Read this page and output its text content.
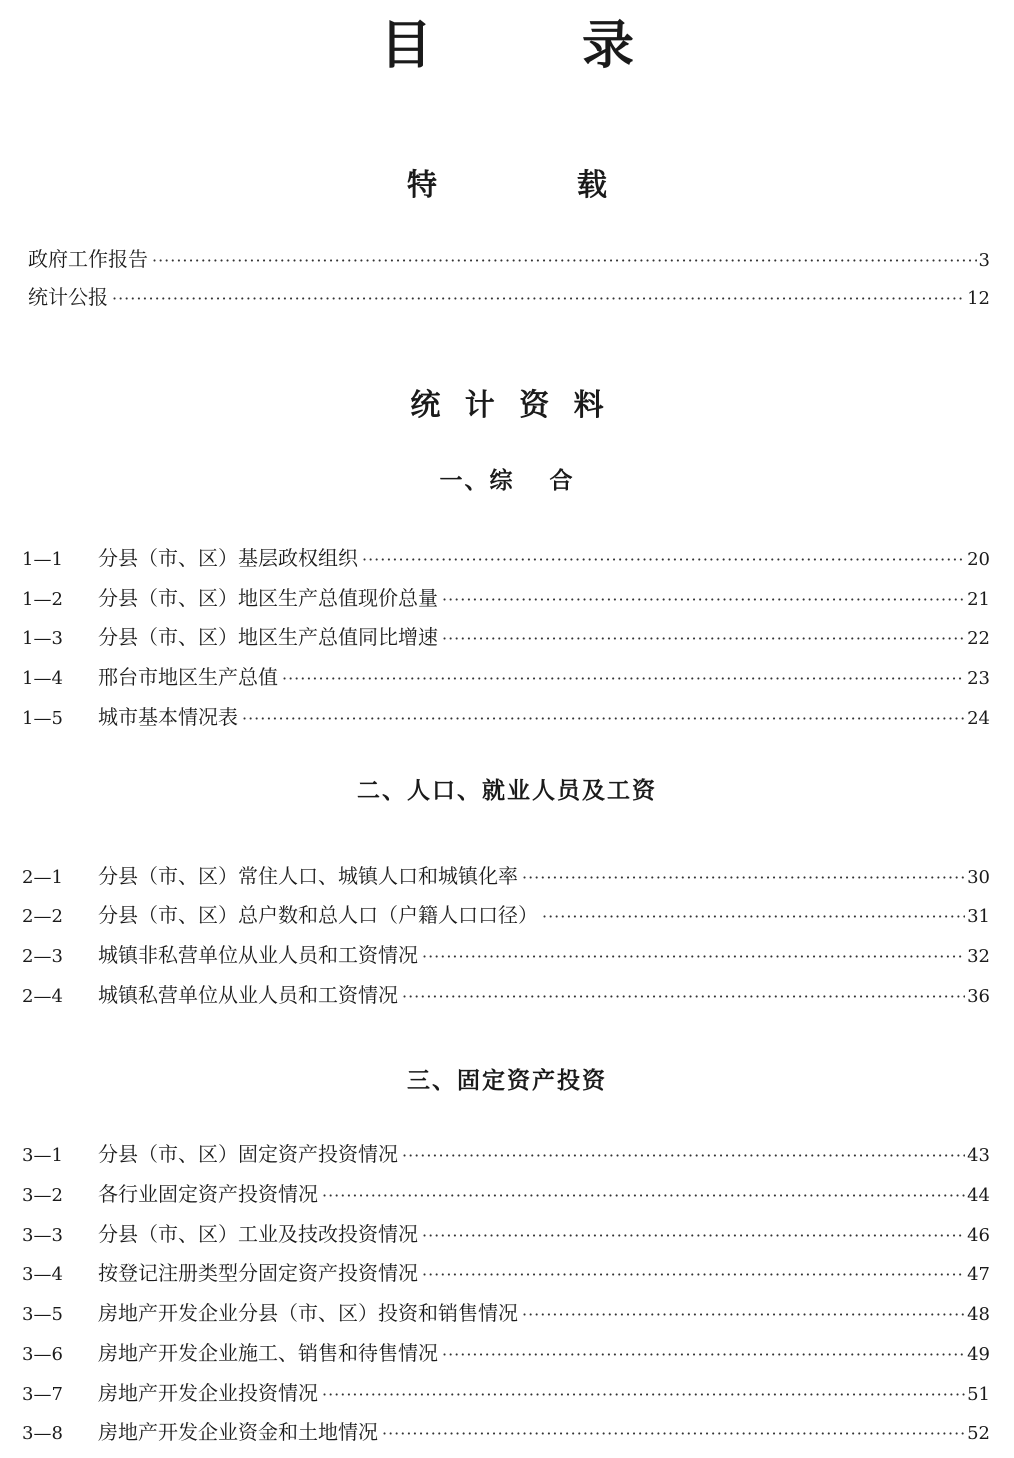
目	录
特	载
政府工作报告 ·····	3
统计公报 ·····	12
统 计 资 料
一、综　 合
1—1	分县（市、区）基层政权组织 ·····	20
1—2	分县（市、区）地区生产总值现价总量 ·····	21
1—3	分县（市、区）地区生产总值同比增速 ·····	22
1—4	邢台市地区生产总值 ·····	23
1—5	城市基本情况表 ·····	24
二、人口、就业人员及工资
2—1	分县（市、区）常住人口、城镇人口和城镇化率 ·····	30
2—2	分县（市、区）总户数和总人口（户籍人口口径） ·····	31
2—3	城镇非私营单位从业人员和工资情况 ·····	32
2—4	城镇私营单位从业人员和工资情况 ·····	36
三、固定资产投资
3—1	分县（市、区）固定资产投资情况 ·····	43
3—2	各行业固定资产投资情况 ·····	44
3—3	分县（市、区）工业及技改投资情况 ·····	46
3—4	按登记注册类型分固定资产投资情况 ·····	47
3—5	房地产开发企业分县（市、区）投资和销售情况 ·····	48
3—6	房地产开发企业施工、销售和待售情况 ·····	49
3—7	房地产开发企业投资情况 ·····	51
3—8	房地产开发企业资金和土地情况 ·····	52
